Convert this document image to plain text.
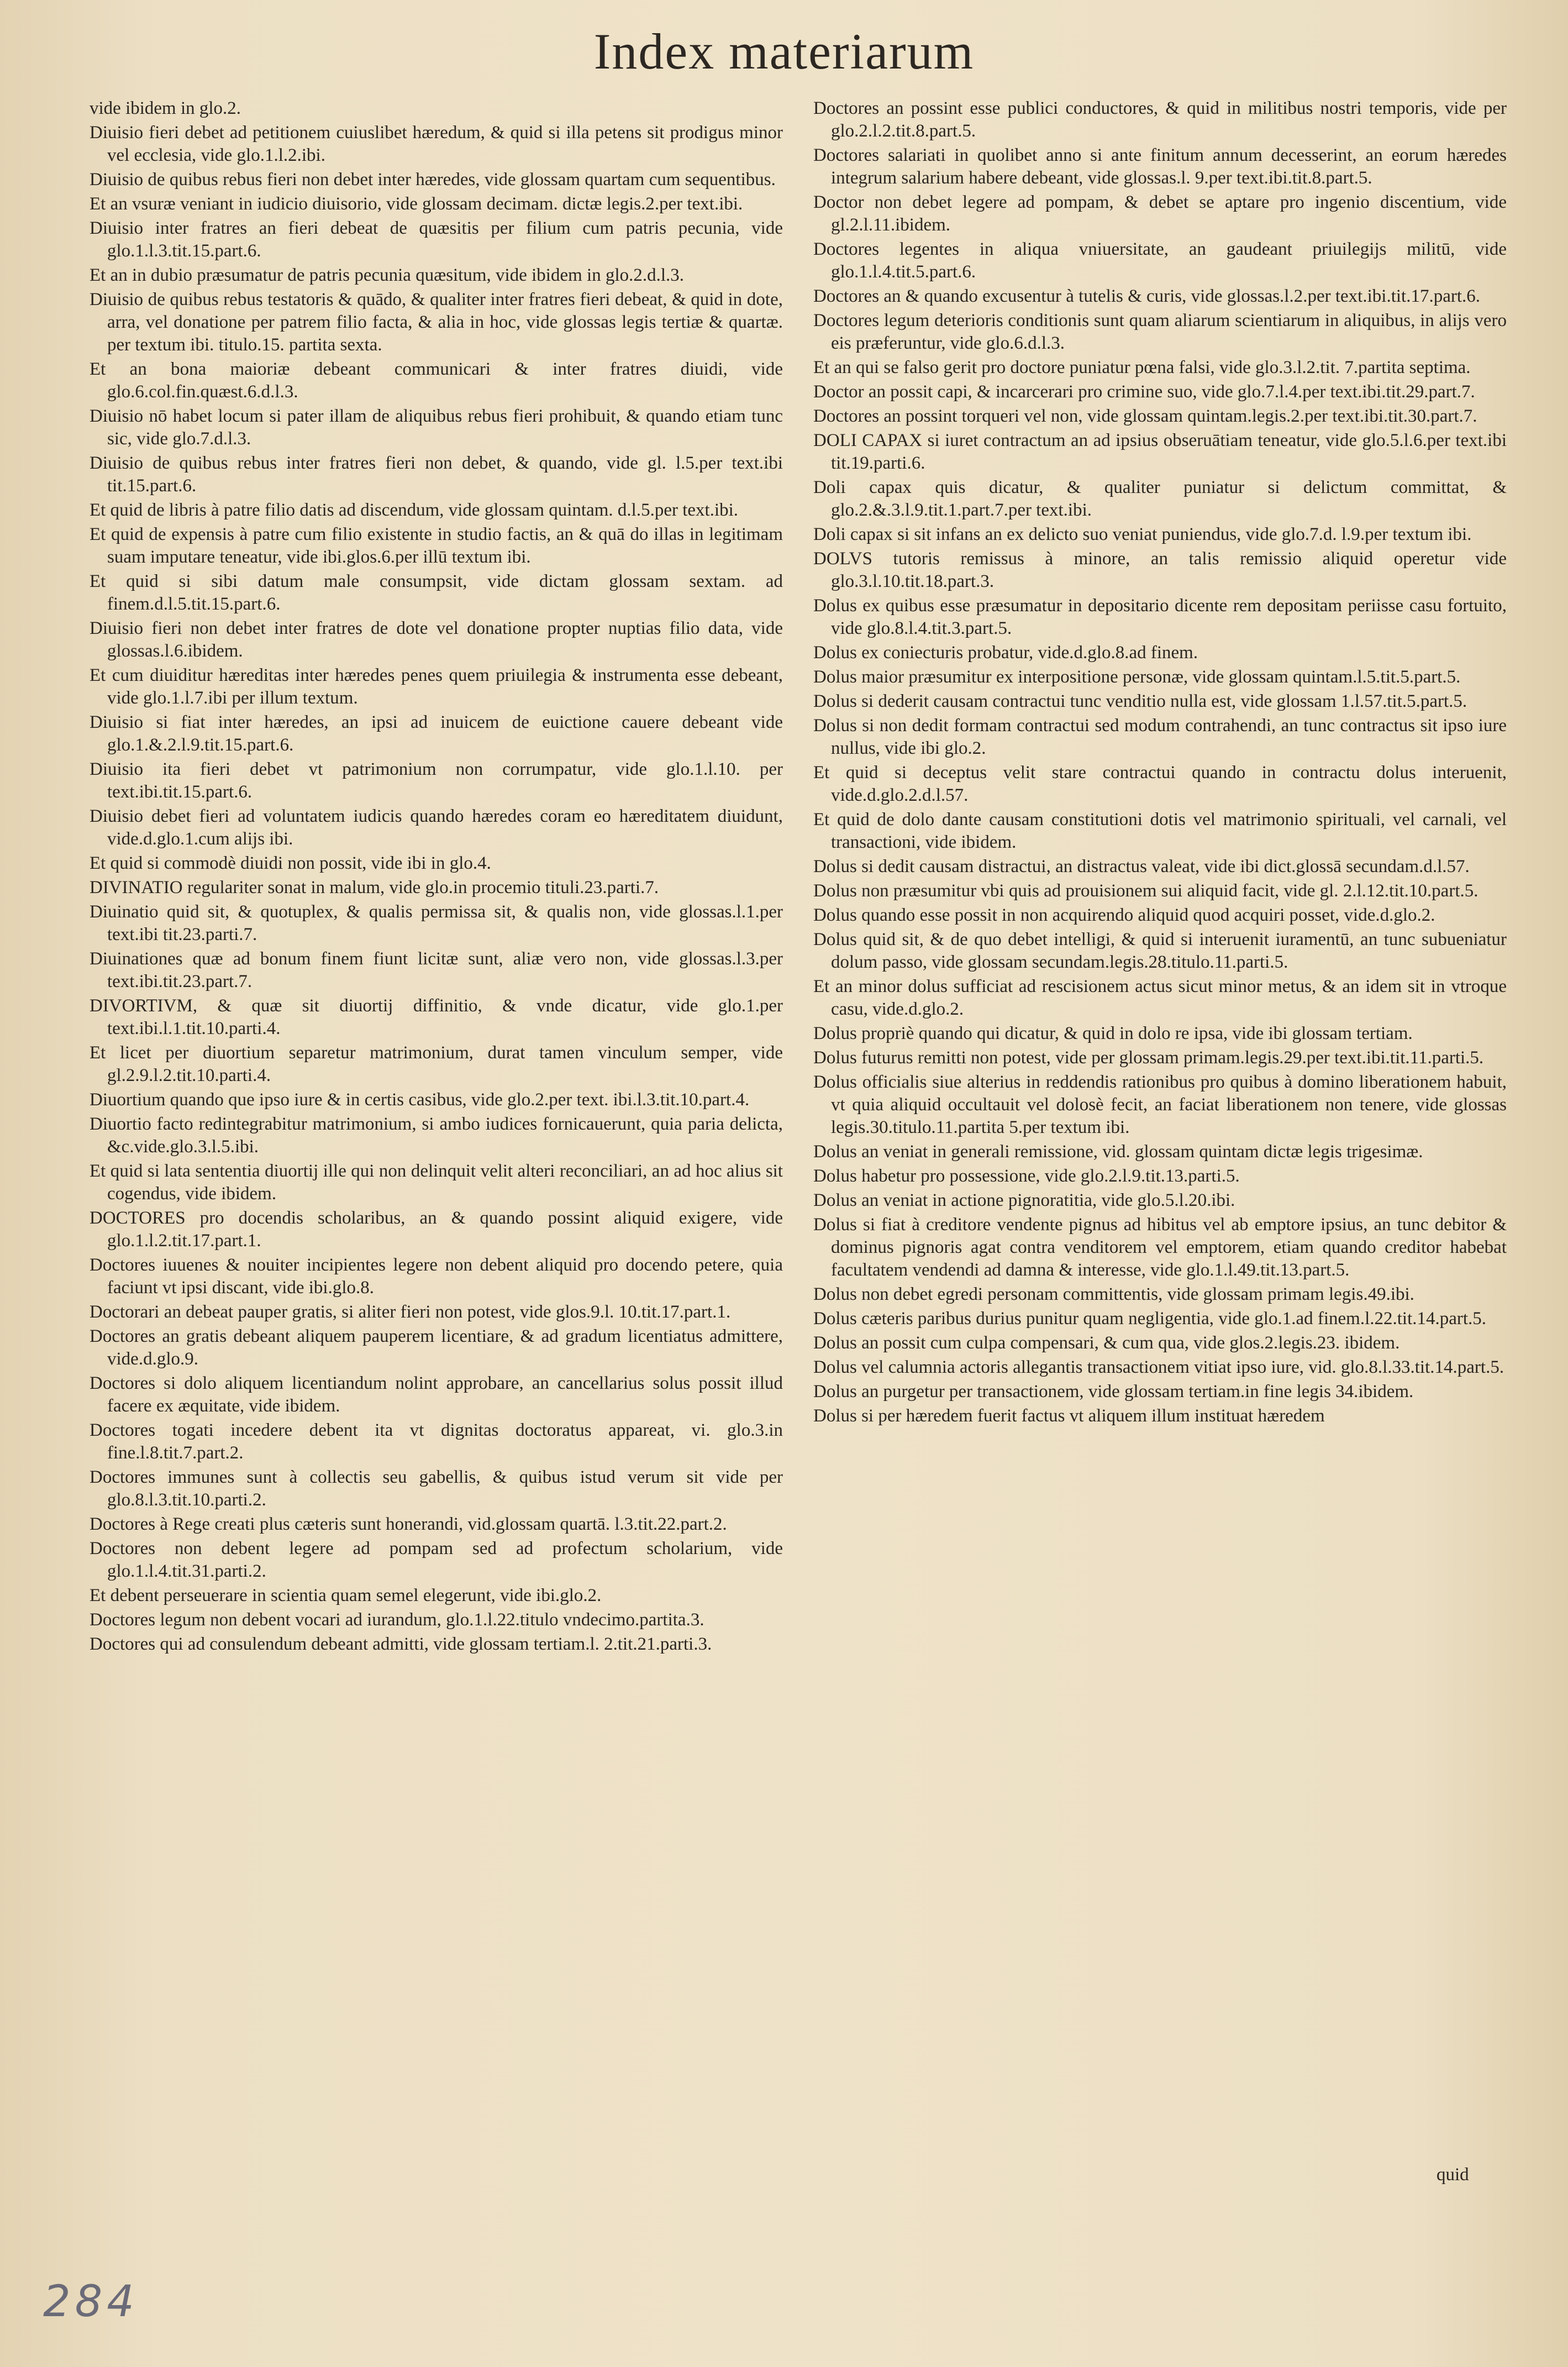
Index materiarum

vide ibidem in glo.2.

Diuisio fieri debet ad petitionem cuiuslibet hæredum, & quid si illa petens sit prodigus minor vel ecclesia, vide glo.1.l.2.ibi.

Diuisio de quibus rebus fieri non debet inter hæredes, vide glossam quartam cum sequentibus.

Et an vsuræ veniant in iudicio diuisorio, vide glossam decimam. dictæ legis.2.per text.ibi.

Diuisio inter fratres an fieri debeat de quæsitis per filium cum patris pecunia, vide glo.1.l.3.tit.15.part.6.

Et an in dubio præsumatur de patris pecunia quæsitum, vide ibidem in glo.2.d.l.3.

Diuisio de quibus rebus testatoris & quādo, & qualiter inter fratres fieri debeat, & quid in dote, arra, vel donatione per patrem filio facta, & alia in hoc, vide glossas legis tertiæ & quartæ. per textum ibi. titulo.15. partita sexta.

Et an bona maioriæ debeant communicari & inter fratres diuidi, vide glo.6.col.fin.quæst.6.d.l.3.

Diuisio nō habet locum si pater illam de aliquibus rebus fieri prohibuit, & quando etiam tunc sic, vide glo.7.d.l.3.

Diuisio de quibus rebus inter fratres fieri non debet, & quando, vide gl. l.5.per text.ibi tit.15.part.6.

Et quid de libris à patre filio datis ad discendum, vide glossam quintam. d.l.5.per text.ibi.

Et quid de expensis à patre cum filio existente in studio factis, an & quā do illas in legitimam suam imputare teneatur, vide ibi.glos.6.per illū textum ibi.

Et quid si sibi datum male consumpsit, vide dictam glossam sextam. ad finem.d.l.5.tit.15.part.6.

Diuisio fieri non debet inter fratres de dote vel donatione propter nuptias filio data, vide glossas.l.6.ibidem.

Et cum diuiditur hæreditas inter hæredes penes quem priuilegia & instrumenta esse debeant, vide glo.1.l.7.ibi per illum textum.

Diuisio si fiat inter hæredes, an ipsi ad inuicem de euictione cauere debeant vide glo.1.&.2.l.9.tit.15.part.6.

Diuisio ita fieri debet vt patrimonium non corrumpatur, vide glo.1.l.10. per text.ibi.tit.15.part.6.

Diuisio debet fieri ad voluntatem iudicis quando hæredes coram eo hæreditatem diuidunt, vide.d.glo.1.cum alijs ibi.

Et quid si commodè diuidi non possit, vide ibi in glo.4.

DIVINATIO regulariter sonat in malum, vide glo.in procemio tituli.23.parti.7.

Diuinatio quid sit, & quotuplex, & qualis permissa sit, & qualis non, vide glossas.l.1.per text.ibi tit.23.parti.7.

Diuinationes quæ ad bonum finem fiunt licitæ sunt, aliæ vero non, vide glossas.l.3.per text.ibi.tit.23.part.7.

DIVORTIVM, & quæ sit diuortij diffinitio, & vnde dicatur, vide glo.1.per text.ibi.l.1.tit.10.parti.4.

Et licet per diuortium separetur matrimonium, durat tamen vinculum semper, vide gl.2.9.l.2.tit.10.parti.4.

Diuortium quando que ipso iure & in certis casibus, vide glo.2.per text. ibi.l.3.tit.10.part.4.

Diuortio facto redintegrabitur matrimonium, si ambo iudices fornicauerunt, quia paria delicta, &c.vide.glo.3.l.5.ibi.

Et quid si lata sententia diuortij ille qui non delinquit velit alteri reconciliari, an ad hoc alius sit cogendus, vide ibidem.

DOCTORES pro docendis scholaribus, an & quando possint aliquid exigere, vide glo.1.l.2.tit.17.part.1.

Doctores iuuenes & nouiter incipientes legere non debent aliquid pro docendo petere, quia faciunt vt ipsi discant, vide ibi.glo.8.

Doctorari an debeat pauper gratis, si aliter fieri non potest, vide glos.9.l. 10.tit.17.part.1.

Doctores an gratis debeant aliquem pauperem licentiare, & ad gradum licentiatus admittere, vide.d.glo.9.

Doctores si dolo aliquem licentiandum nolint approbare, an cancellarius solus possit illud facere ex æquitate, vide ibidem.

Doctores togati incedere debent ita vt dignitas doctoratus appareat, vi. glo.3.in fine.l.8.tit.7.part.2.

Doctores immunes sunt à collectis seu gabellis, & quibus istud verum sit vide per glo.8.l.3.tit.10.parti.2.

Doctores à Rege creati plus cæteris sunt honerandi, vid.glossam quartā. l.3.tit.22.part.2.

Doctores non debent legere ad pompam sed ad profectum scholarium, vide glo.1.l.4.tit.31.parti.2.

Et debent perseuerare in scientia quam semel elegerunt, vide ibi.glo.2.

Doctores legum non debent vocari ad iurandum, glo.1.l.22.titulo vndecimo.partita.3.

Doctores qui ad consulendum debeant admitti, vide glossam tertiam.l. 2.tit.21.parti.3.

Doctores an possint esse publici conductores, & quid in militibus nostri temporis, vide per glo.2.l.2.tit.8.part.5.

Doctores salariati in quolibet anno si ante finitum annum decesserint, an eorum hæredes integrum salarium habere debeant, vide glossas.l. 9.per text.ibi.tit.8.part.5.

Doctor non debet legere ad pompam, & debet se aptare pro ingenio discentium, vide gl.2.l.11.ibidem.

Doctores legentes in aliqua vniuersitate, an gaudeant priuilegijs militū, vide glo.1.l.4.tit.5.part.6.

Doctores an & quando excusentur à tutelis & curis, vide glossas.l.2.per text.ibi.tit.17.part.6.

Doctores legum deterioris conditionis sunt quam aliarum scientiarum in aliquibus, in alijs vero eis præferuntur, vide glo.6.d.l.3.

Et an qui se falso gerit pro doctore puniatur pœna falsi, vide glo.3.l.2.tit. 7.partita septima.

Doctor an possit capi, & incarcerari pro crimine suo, vide glo.7.l.4.per text.ibi.tit.29.part.7.

Doctores an possint torqueri vel non, vide glossam quintam.legis.2.per text.ibi.tit.30.part.7.

DOLI CAPAX si iuret contractum an ad ipsius obseruātiam teneatur, vide glo.5.l.6.per text.ibi tit.19.parti.6.

Doli capax quis dicatur, & qualiter puniatur si delictum committat, & glo.2.&.3.l.9.tit.1.part.7.per text.ibi.

Doli capax si sit infans an ex delicto suo veniat puniendus, vide glo.7.d. l.9.per textum ibi.

DOLVS tutoris remissus à minore, an talis remissio aliquid operetur vide glo.3.l.10.tit.18.part.3.

Dolus ex quibus esse præsumatur in depositario dicente rem depositam periisse casu fortuito, vide glo.8.l.4.tit.3.part.5.

Dolus ex coniecturis probatur, vide.d.glo.8.ad finem.

Dolus maior præsumitur ex interpositione personæ, vide glossam quintam.l.5.tit.5.part.5.

Dolus si dederit causam contractui tunc venditio nulla est, vide glossam 1.l.57.tit.5.part.5.

Dolus si non dedit formam contractui sed modum contrahendi, an tunc contractus sit ipso iure nullus, vide ibi glo.2.

Et quid si deceptus velit stare contractui quando in contractu dolus interuenit, vide.d.glo.2.d.l.57.

Et quid de dolo dante causam constitutioni dotis vel matrimonio spirituali, vel carnali, vel transactioni, vide ibidem.

Dolus si dedit causam distractui, an distractus valeat, vide ibi dict.glossā secundam.d.l.57.

Dolus non præsumitur vbi quis ad prouisionem sui aliquid facit, vide gl. 2.l.12.tit.10.part.5.

Dolus quando esse possit in non acquirendo aliquid quod acquiri posset, vide.d.glo.2.

Dolus quid sit, & de quo debet intelligi, & quid si interuenit iuramentū, an tunc subueniatur dolum passo, vide glossam secundam.legis.28.titulo.11.parti.5.

Et an minor dolus sufficiat ad rescisionem actus sicut minor metus, & an idem sit in vtroque casu, vide.d.glo.2.

Dolus propriè quando qui dicatur, & quid in dolo re ipsa, vide ibi glossam tertiam.

Dolus futurus remitti non potest, vide per glossam primam.legis.29.per text.ibi.tit.11.parti.5.

Dolus officialis siue alterius in reddendis rationibus pro quibus à domino liberationem habuit, vt quia aliquid occultauit vel dolosè fecit, an faciat liberationem non tenere, vide glossas legis.30.titulo.11.partita 5.per textum ibi.

Dolus an veniat in generali remissione, vid. glossam quintam dictæ legis trigesimæ.

Dolus habetur pro possessione, vide glo.2.l.9.tit.13.parti.5.

Dolus an veniat in actione pignoratitia, vide glo.5.l.20.ibi.

Dolus si fiat à creditore vendente pignus ad hibitus vel ab emptore ipsius, an tunc debitor & dominus pignoris agat contra venditorem vel emptorem, etiam quando creditor habebat facultatem vendendi ad damna & interesse, vide glo.1.l.49.tit.13.part.5.

Dolus non debet egredi personam committentis, vide glossam primam legis.49.ibi.

Dolus cæteris paribus durius punitur quam negligentia, vide glo.1.ad finem.l.22.tit.14.part.5.

Dolus an possit cum culpa compensari, & cum qua, vide glos.2.legis.23. ibidem.

Dolus vel calumnia actoris allegantis transactionem vitiat ipso iure, vid. glo.8.l.33.tit.14.part.5.

Dolus an purgetur per transactionem, vide glossam tertiam.in fine legis 34.ibidem.

Dolus si per hæredem fuerit factus vt aliquem illum instituat hæredem

quid
284
